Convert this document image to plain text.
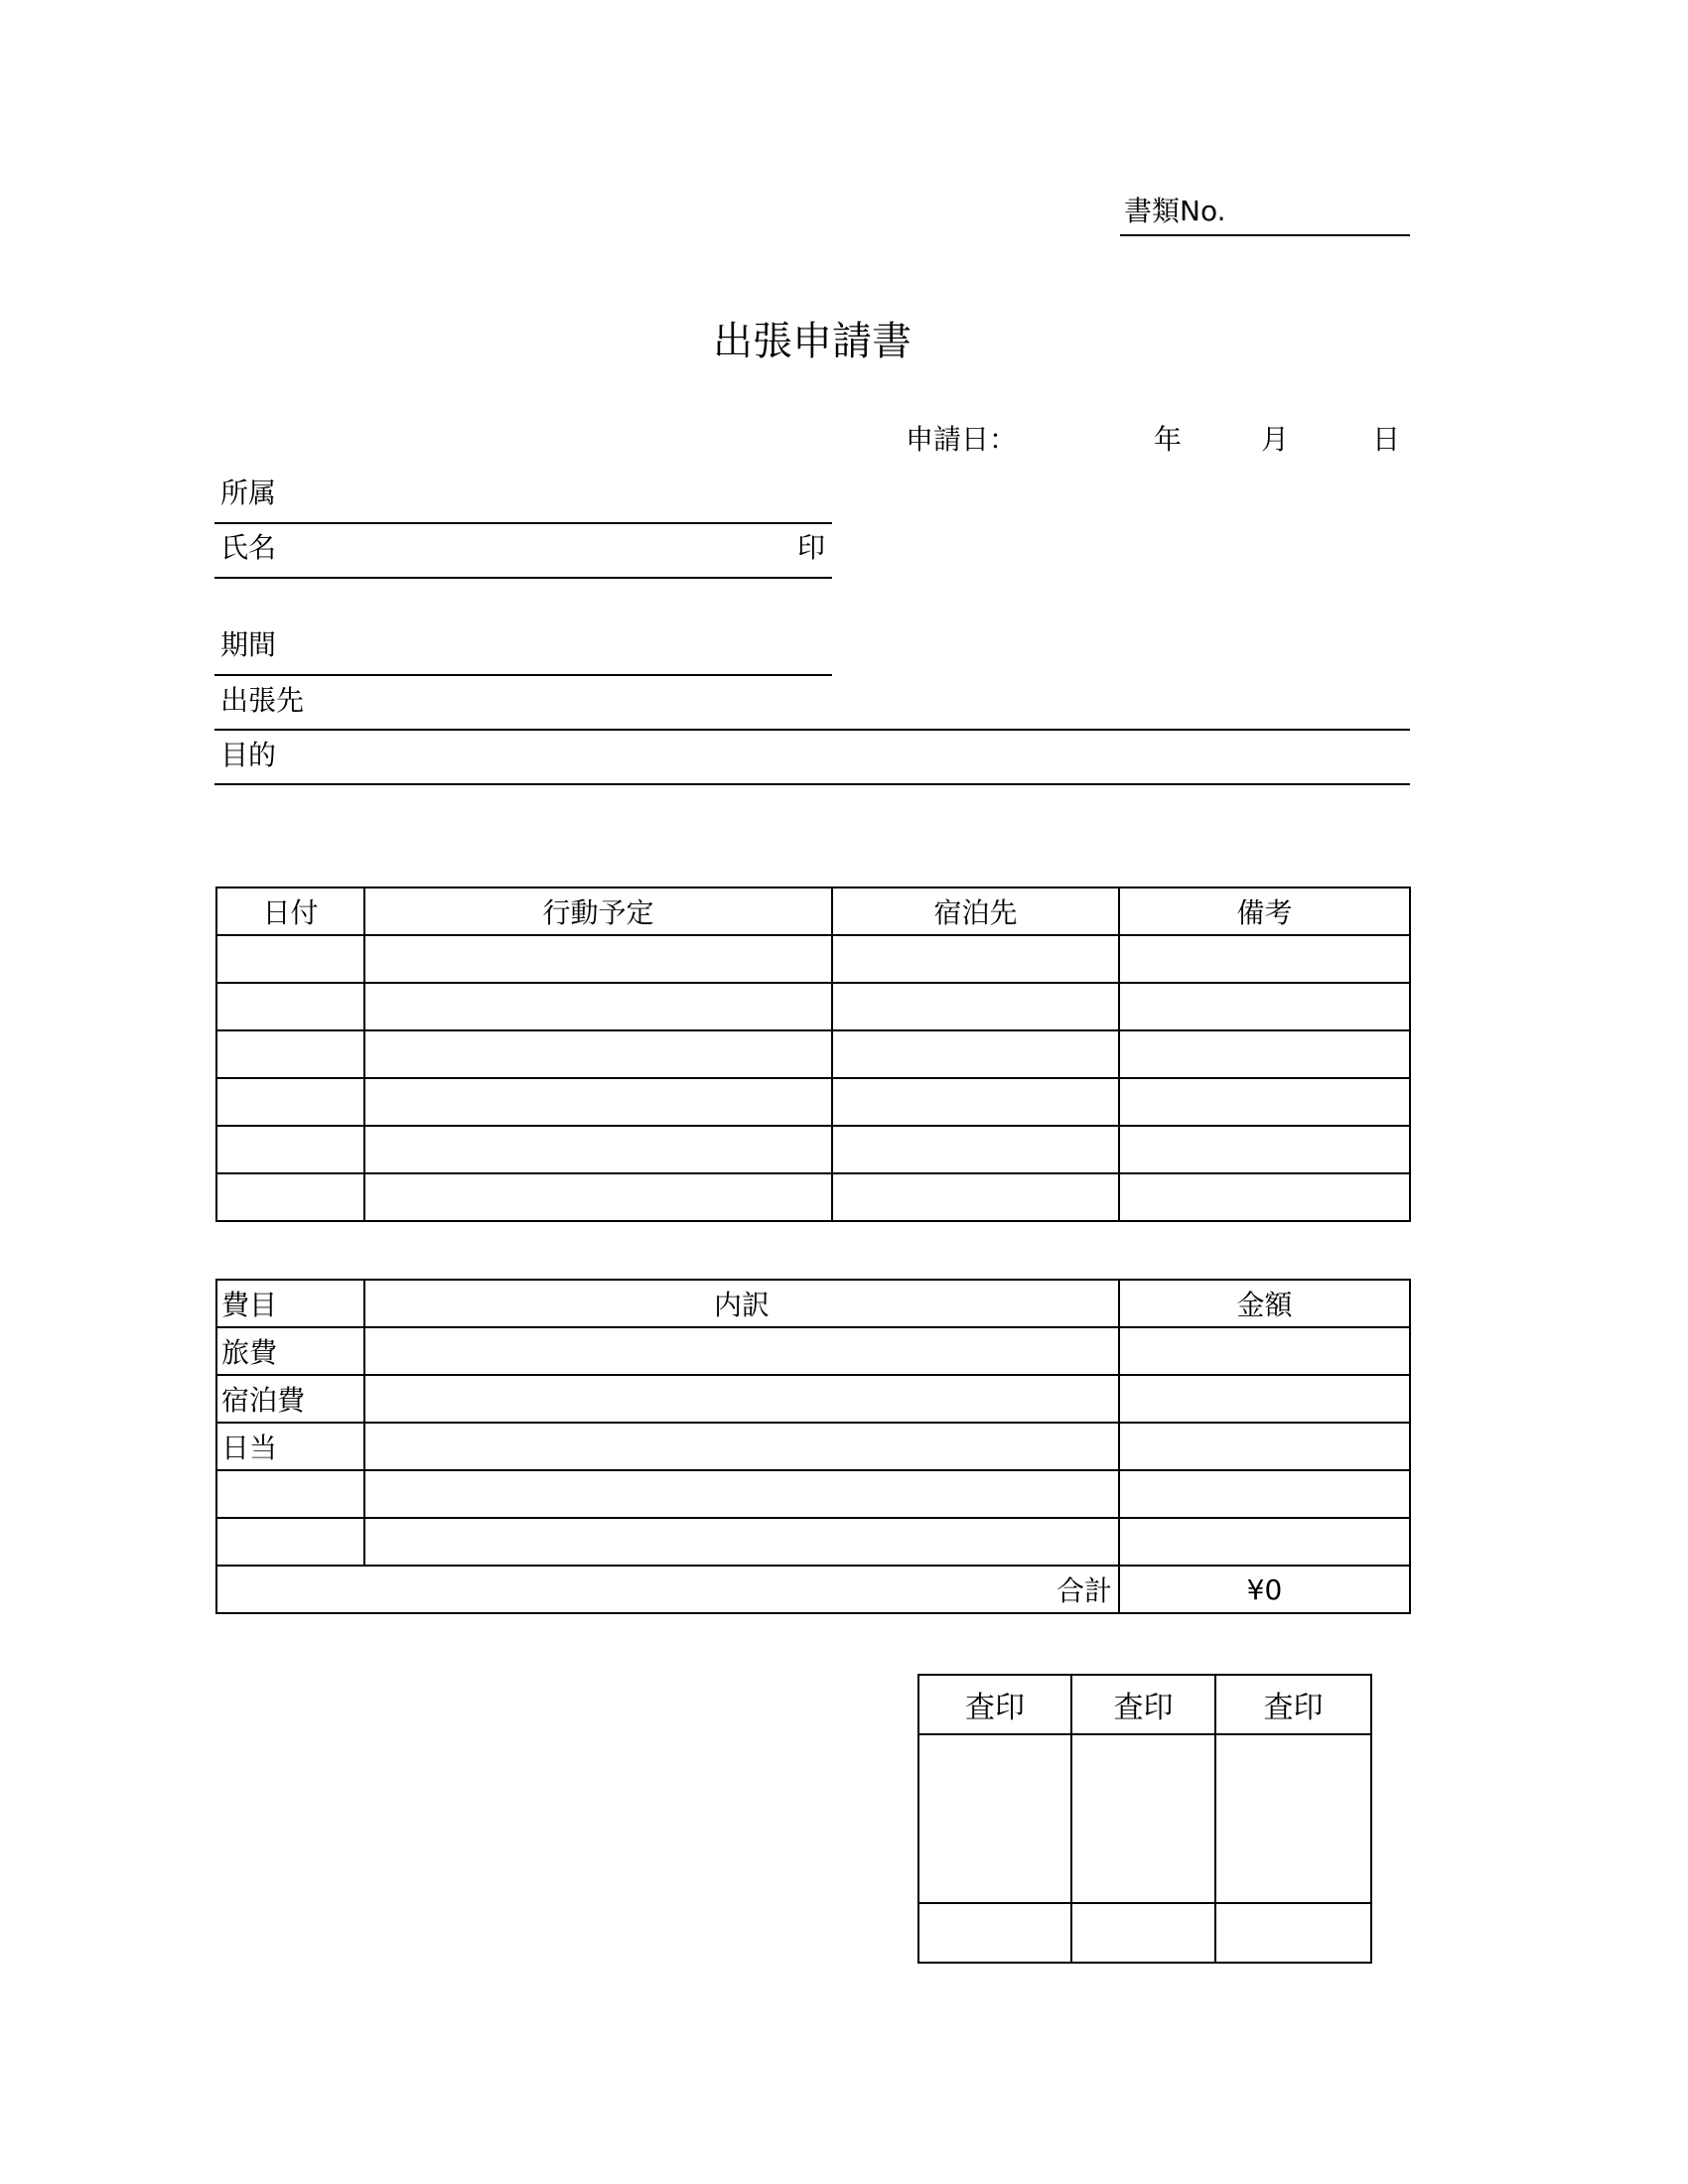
書類No.
出張申請書
申請日：	年	月	日
所属
氏名	印
期間
出張先
目的
日付	行動予定	宿泊先	備考

費目	内訳	金額
旅費		
宿泊費		
日当		

合計		¥0
査印	査印	査印
